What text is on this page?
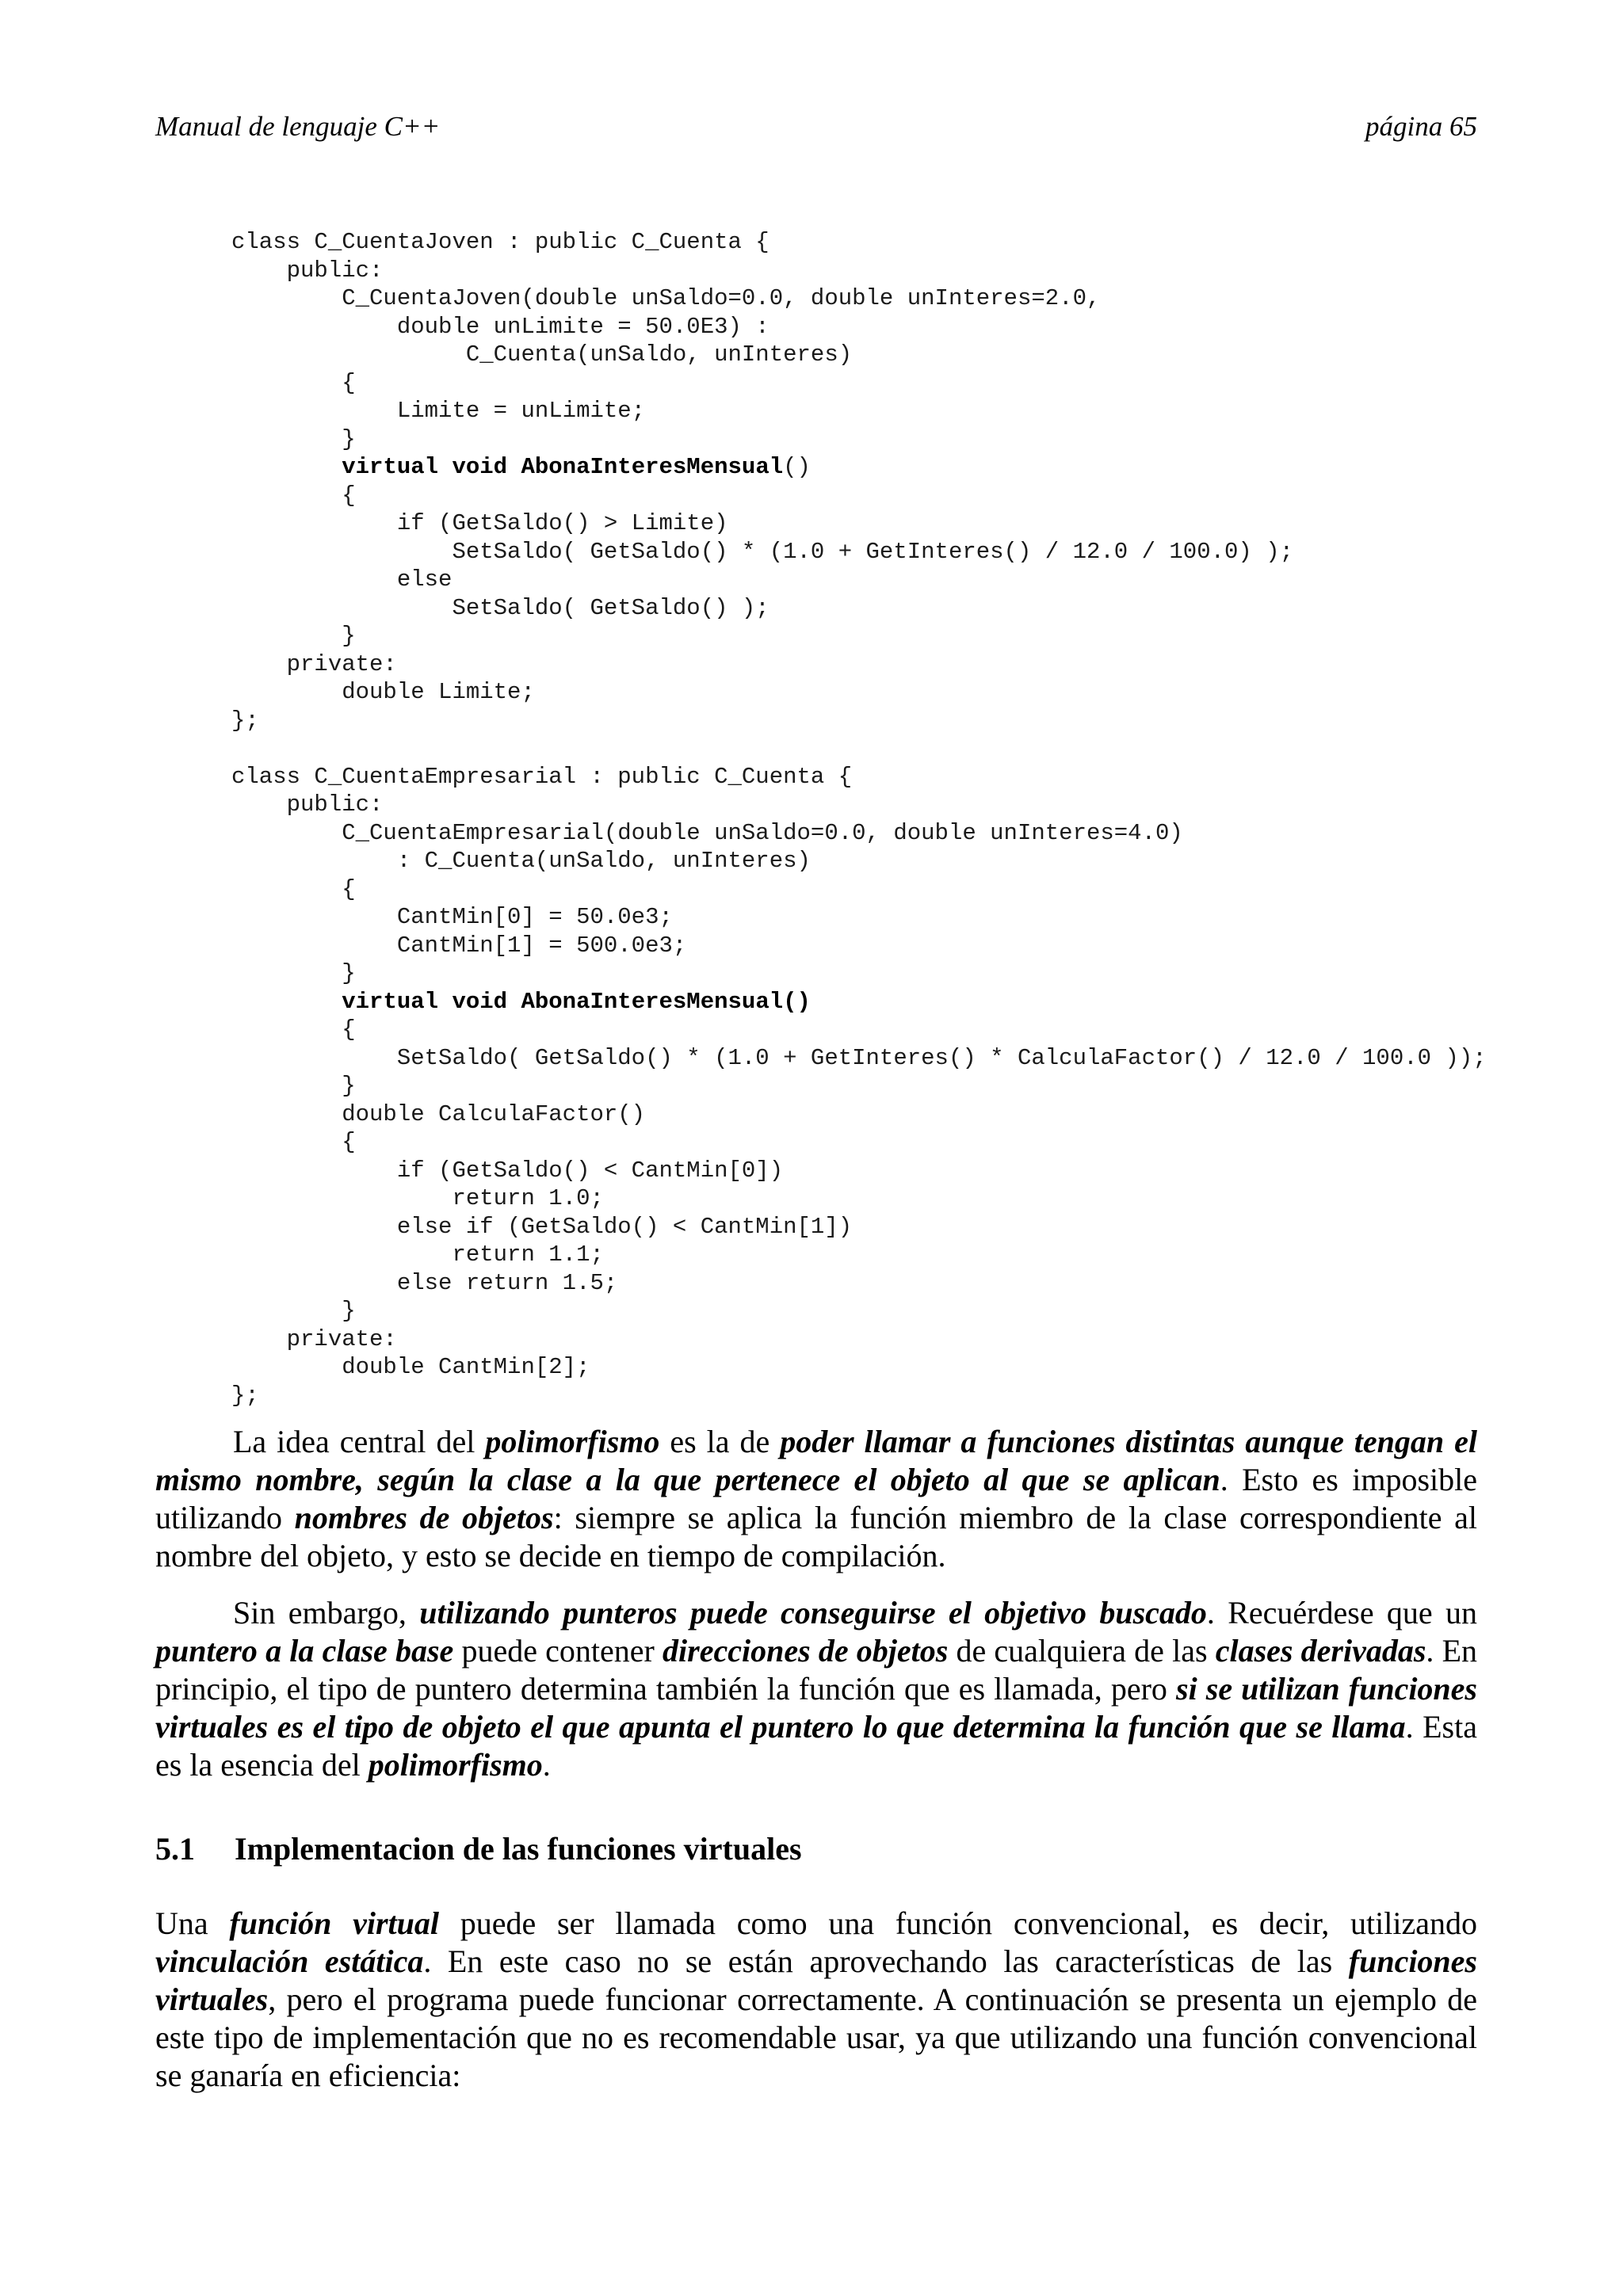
Manual de lenguaje C++	página 65
class C_CuentaJoven : public C_Cuenta {
public:
C_CuentaJoven(double unSaldo=0.0, double unInteres=2.0,
double unLimite = 50.0E3) :
C_Cuenta(unSaldo, unInteres)
{
Limite = unLimite;
}
virtual void AbonaInteresMensual()
{
if (GetSaldo() > Limite)
SetSaldo( GetSaldo() * (1.0 + GetInteres() / 12.0 / 100.0) );
else
SetSaldo( GetSaldo() );
}
private:
double Limite;
};
class C_CuentaEmpresarial : public C_Cuenta {
public:
C_CuentaEmpresarial(double unSaldo=0.0, double unInteres=4.0)
: C_Cuenta(unSaldo, unInteres)
{
CantMin[0] = 50.0e3;
CantMin[1] = 500.0e3;
}
virtual void AbonaInteresMensual()
{
SetSaldo( GetSaldo() * (1.0 + GetInteres() * CalculaFactor() / 12.0 / 100.0 ));
}
double CalculaFactor()
{
if (GetSaldo() < CantMin[0])
return 1.0;
else if (GetSaldo() < CantMin[1])
return 1.1;
else return 1.5;
}
private:
double CantMin[2];
};

La idea central del polimorfismo es la de poder llamar a funciones distintas aunque tengan el mismo nombre, según la clase a la que pertenece el objeto al que se aplican. Esto es imposible utilizando nombres de objetos: siempre se aplica la función miembro de la clase correspondiente al nombre del objeto, y esto se decide en tiempo de compilación.

Sin embargo, utilizando punteros puede conseguirse el objetivo buscado. Recuérdese que un puntero a la clase base puede contener direcciones de objetos de cualquiera de las clases derivadas. En principio, el tipo de puntero determina también la función que es llamada, pero si se utilizan funciones virtuales es el tipo de objeto el que apunta el puntero lo que determina la función que se llama. Esta es la esencia del polimorfismo.

5.1 Implementacion de las funciones virtuales

Una función virtual puede ser llamada como una función convencional, es decir, utilizando vinculación estática. En este caso no se están aprovechando las características de las funciones virtuales, pero el programa puede funcionar correctamente. A continuación se presenta un ejemplo de este tipo de implementación que no es recomendable usar, ya que utilizando una función convencional se ganaría en eficiencia:
